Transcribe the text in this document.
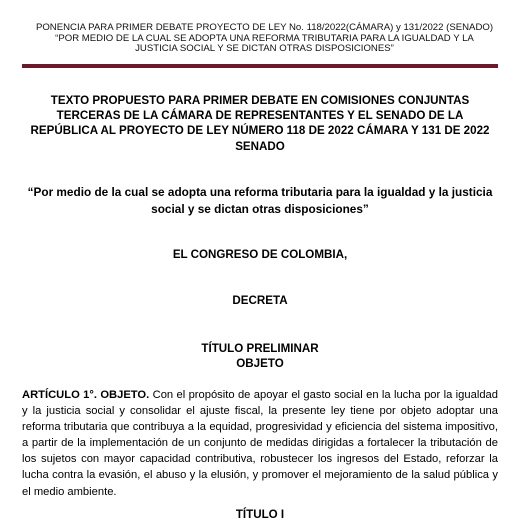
PONENCIA PARA PRIMER DEBATE PROYECTO DE LEY No. 118/2022(CÁMARA) y 131/2022 (SENADO)
“POR MEDIO DE LA CUAL SE ADOPTA UNA REFORMA TRIBUTARIA PARA LA IGUALDAD Y LA
JUSTICIA SOCIAL Y SE DICTAN OTRAS DISPOSICIONES”
TEXTO PROPUESTO PARA PRIMER DEBATE EN COMISIONES CONJUNTAS TERCERAS DE LA CÁMARA DE REPRESENTANTES Y EL SENADO DE LA REPÚBLICA AL PROYECTO DE LEY NÚMERO 118 DE 2022 CÁMARA Y 131 DE 2022 SENADO
“Por medio de la cual se adopta una reforma tributaria para la igualdad y la justicia social y se dictan otras disposiciones”
EL CONGRESO DE COLOMBIA,
DECRETA
TÍTULO PRELIMINAR
OBJETO
ARTÍCULO 1°. OBJETO. Con el propósito de apoyar el gasto social en la lucha por la igualdad y la justicia social y consolidar el ajuste fiscal, la presente ley tiene por objeto adoptar una reforma tributaria que contribuya a la equidad, progresividad y eficiencia del sistema impositivo, a partir de la implementación de un conjunto de medidas dirigidas a fortalecer la tributación de los sujetos con mayor capacidad contributiva, robustecer los ingresos del Estado, reforzar la lucha contra la evasión, el abuso y la elusión, y promover el mejoramiento de la salud pública y el medio ambiente.
TÍTULO I
